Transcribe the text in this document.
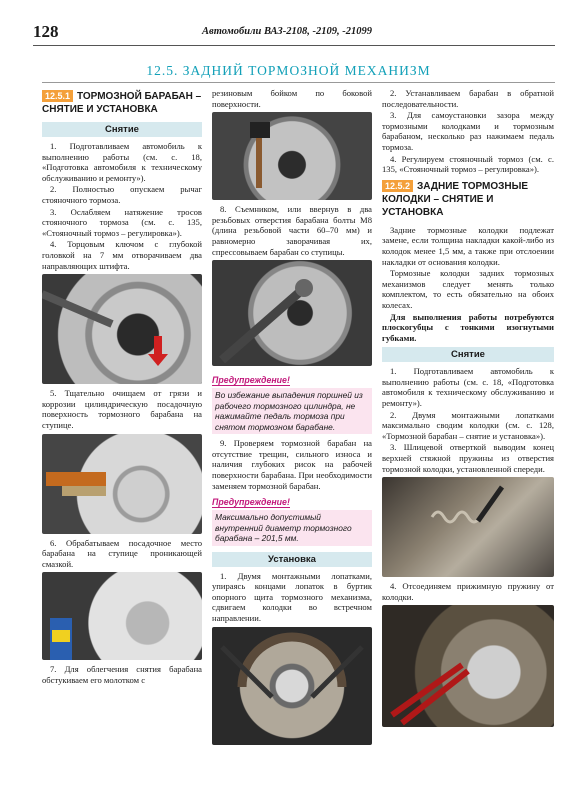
128	Автомобили ВАЗ-2108, -2109, -21099
12.5. ЗАДНИЙ ТОРМОЗНОЙ МЕХАНИЗМ
12.5.1 ТОРМОЗНОЙ БАРАБАН – СНЯТИЕ И УСТАНОВКА
Снятие

1. Подготавливаем автомобиль к выполнению работы (см. с. 18, «Подготовка автомобиля к техническому обслуживанию и ремонту»).

2. Полностью опускаем рычаг стояночного тормоза.

3. Ослабляем натяжение тросов стояночного тормоза (см. с. 135, «Стояночный тормоз – регулировка»).

4. Торцовым ключом с глубокой головкой на 7 мм отворачиваем два направляющих штифта.

5. Тщательно очищаем от грязи и коррозии цилиндрическую посадочную поверхность тормозного барабана на ступице.

6. Обрабатываем посадочное место барабана на ступице проникающей смазкой.

7. Для облегчения снятия барабана обстукиваем его молотком с

резиновым бойком по боковой поверхности.

8. Съемником, или ввернув в два резьбовых отверстия барабана болты М8 (длина резьбовой части 60–70 мм) и равномерно заворачивая их, спрессовываем барабан со ступицы.

Предупреждение!
Во избежание выпадения поршней из рабочего тормозного цилиндра, не нажимайте педаль тормоза при снятом тормозном барабане.

9. Проверяем тормозной барабан на отсутствие трещин, сильного износа и наличия глубоких рисок на рабочей поверхности барабана. При необходимости заменяем тормозной барабан.

Предупреждение!
Максимально допустимый внутренний диаметр тормозного барабана – 201,5 мм.
Установка

1. Двумя монтажными лопатками, упираясь концами лопаток в буртик опорного щита тормозного механизма, сдвигаем колодки во встречном направлении.

2. Устанавливаем барабан в обратной последовательности.

3. Для самоустановки зазора между тормозными колодками и тормозным барабаном, несколько раз нажимаем педаль тормоза.

4. Регулируем стояночный тормоз (см. с. 135, «Стояночный тормоз – регулировка»).

12.5.2 ЗАДНИЕ ТОРМОЗНЫЕ КОЛОДКИ – СНЯТИЕ И УСТАНОВКА

Задние тормозные колодки подлежат замене, если толщина накладки какой-либо из колодок менее 1,5 мм, а также при отслоении накладки от основания колодки.

Тормозные колодки задних тормозных механизмов следует менять только комплектом, то есть обязательно на обоих колесах.

Для выполнения работы потребуются плоскогубцы с тонкими изогнутыми губками.

Снятие

1. Подготавливаем автомобиль к выполнению работы (см. с. 18, «Подготовка автомобиля к техническому обслуживанию и ремонту»).

2. Двумя монтажными лопатками максимально сводим колодки (см. с. 128, «Тормозной барабан – снятие и установка»).

3. Шлицевой отверткой выводим конец верхней стяжной пружины из отверстия тормозной колодки, установленной спереди.

4. Отсоединяем прижимную пружину от колодки.
